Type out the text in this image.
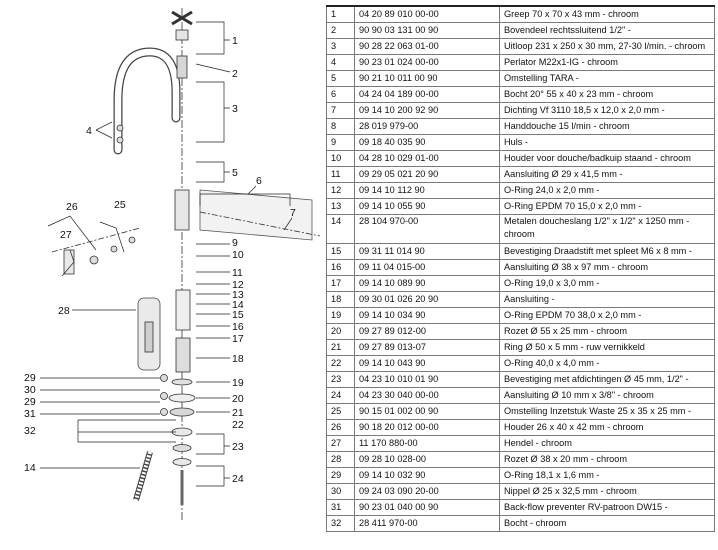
1
2
3
4
5
6
7
9
10
11
12
13
14
15
16
17
18
19
20
21
22
23
24
25
26
27
28
29
30
29
31
32
14
1	04 20 89 010 00-00	Greep 70 x 70 x 43 mm - chroom
2	90 90 03 131 00 90	Bovendeel rechtssluitend 1/2" -
3	90 28 22 063 01-00	Uitloop 231 x 250 x 30 mm, 27-30 l/min. - chroom
4	90 23 01 024 00-00	Perlator M22x1-IG - chroom
5	90 21 10 011 00 90	Omstelling TARA -
6	04 24 04 189 00-00	Bocht 20° 55 x 40 x 23 mm - chroom
7	09 14 10 200 92 90	Dichting Vf 3110 18,5 x 12,0 x 2,0 mm -
8	28 019 979-00	Handdouche 15 l/min - chroom
9	09 18 40 035 90	Huls -
10	04 28 10 029 01-00	Houder voor douche/badkuip staand - chroom
11	09 29 05 021 20 90	Aansluiting Ø 29 x 41,5 mm -
12	09 14 10 112 90	O-Ring 24,0 x 2,0 mm -
13	09 14 10 055 90	O-Ring EPDM 70 15,0 x 2,0 mm -
14	28 104 970-00	Metalen doucheslang 1/2" x 1/2" x 1250 mm - chroom
15	09 31 11 014 90	Bevestiging Draadstift met spleet M6 x 8 mm -
16	09 11 04 015-00	Aansluiting Ø 38 x 97 mm - chroom
17	09 14 10 089 90	O-Ring 19,0 x 3,0 mm -
18	09 30 01 026 20 90	Aansluiting -
19	09 14 10 034 90	O-Ring EPDM 70 38,0 x 2,0 mm -
20	09 27 89 012-00	Rozet Ø 55 x 25 mm - chroom
21	09 27 89 013-07	Ring Ø 50 x 5 mm - ruw vernikkeld
22	09 14 10 043 90	O-Ring 40,0 x 4,0 mm -
23	04 23 10 010 01 90	Bevestiging met afdichtingen Ø 45 mm, 1/2" -
24	04 23 30 040 00-00	Aansluiting Ø 10 mm x 3/8" - chroom
25	90 15 01 002 00 90	Omstelling Inzetstuk Waste 25 x 35 x 25 mm -
26	90 18 20 012 00-00	Houder 26 x 40 x 42 mm - chroom
27	11 170 880-00	Hendel - chroom
28	09 28 10 028-00	Rozet Ø 38 x 20 mm - chroom
29	09 14 10 032 90	O-Ring 18,1 x 1,6 mm -
30	09 24 03 090 20-00	Nippel Ø 25 x 32,5 mm - chroom
31	90 23 01 040 00 90	Back-flow preventer RV-patroon DW15 -
32	28 411 970-00	Bocht - chroom
